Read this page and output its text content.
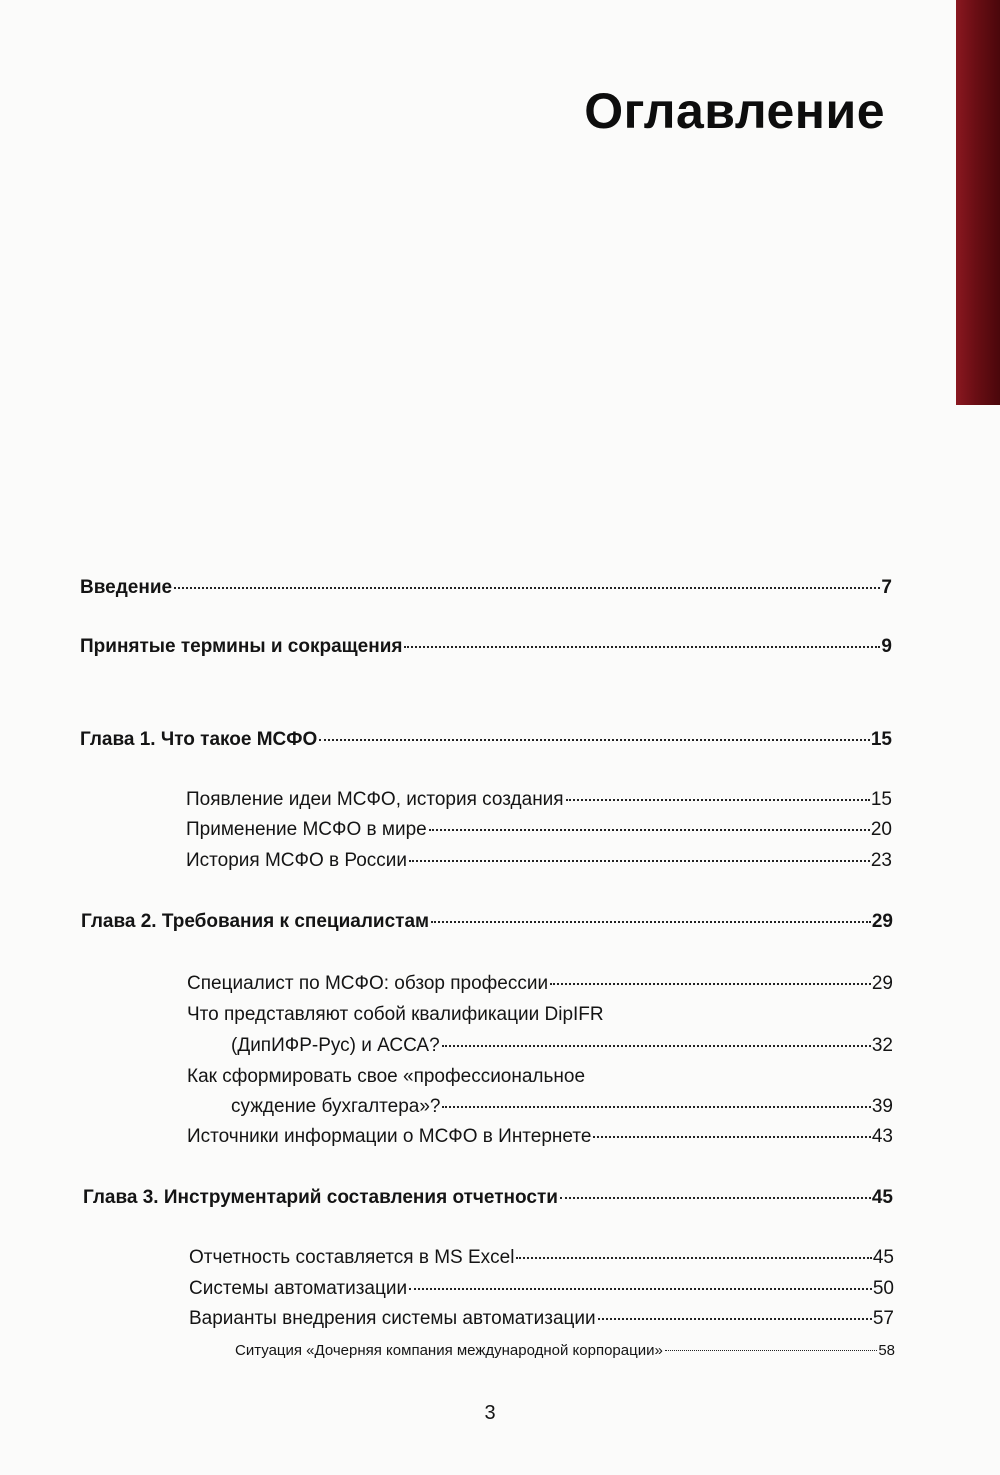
Оглавление
Введение	7
Принятые термины и сокращения	9
Глава 1. Что такое МСФО	15
Появление идеи МСФО, история создания	15
Применение МСФО в мире	20
История МСФО в России	23
Глава 2. Требования к специалистам	29
Специалист по МСФО: обзор профессии	29
Что представляют собой квалификации DipIFR
(ДипИФР-Рус) и АССА?	32
Как сформировать свое «профессиональное
суждение бухгалтера»?	39
Источники информации о МСФО в Интернете	43
Глава 3. Инструментарий составления отчетности	45
Отчетность составляется в MS Excel	45
Системы автоматизации	50
Варианты внедрения системы автоматизации	57
Ситуация «Дочерняя компания международной корпорации»	58
3
